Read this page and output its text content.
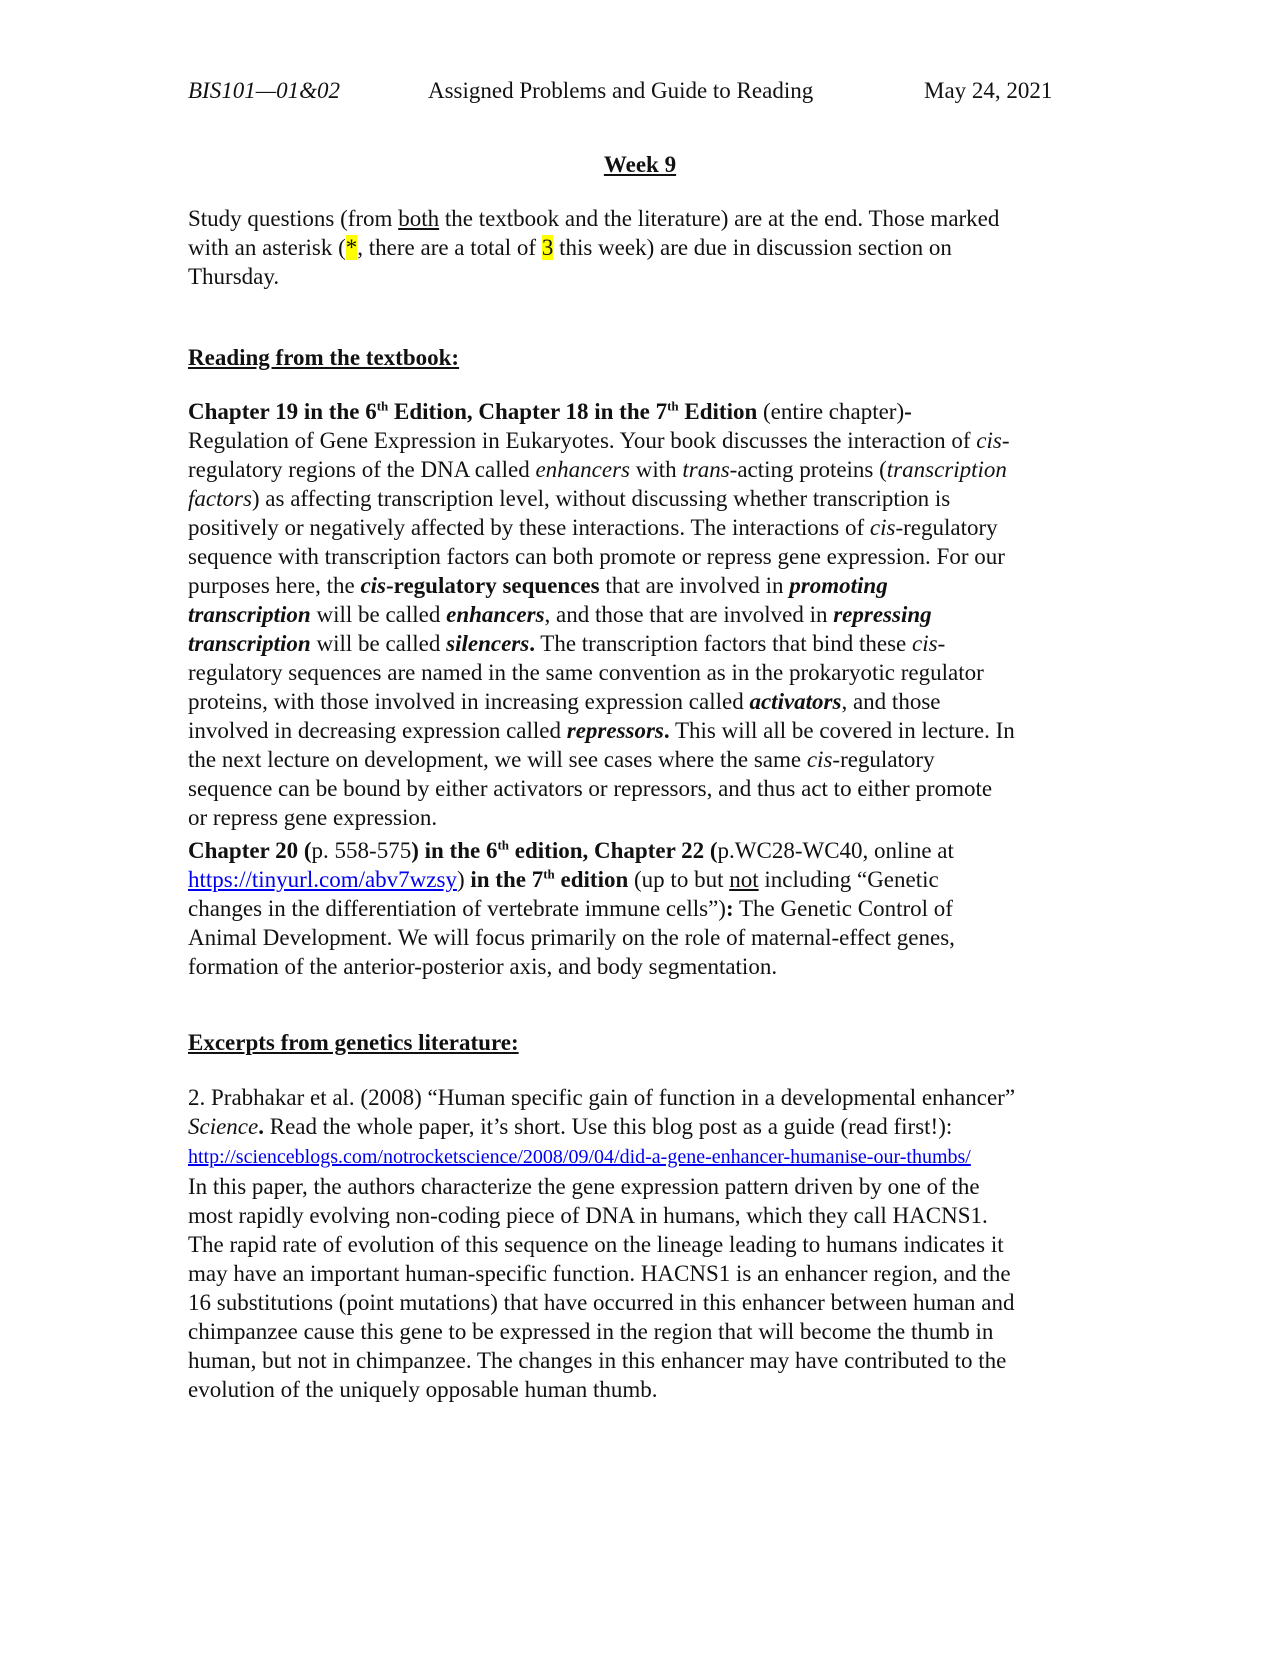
BIS101—01&02	Assigned Problems and Guide to Reading	May 24, 2021
Week 9
Study questions (from both the textbook and the literature) are at the end. Those marked
with an asterisk (*, there are a total of 3 this week) are due in discussion section on
Thursday.
Reading from the textbook:
Chapter 19 in the 6th Edition, Chapter 18 in the 7th Edition (entire chapter)-
Regulation of Gene Expression in Eukaryotes. Your book discusses the interaction of cis-
regulatory regions of the DNA called enhancers with trans-acting proteins (transcription
factors) as affecting transcription level, without discussing whether transcription is
positively or negatively affected by these interactions. The interactions of cis-regulatory
sequence with transcription factors can both promote or repress gene expression. For our
purposes here, the cis-regulatory sequences that are involved in promoting
transcription will be called enhancers, and those that are involved in repressing
transcription will be called silencers. The transcription factors that bind these cis-
regulatory sequences are named in the same convention as in the prokaryotic regulator
proteins, with those involved in increasing expression called activators, and those
involved in decreasing expression called repressors. This will all be covered in lecture. In
the next lecture on development, we will see cases where the same cis-regulatory
sequence can be bound by either activators or repressors, and thus act to either promote
or repress gene expression.
Chapter 20 (p. 558-575) in the 6th edition, Chapter 22 (p.WC28-WC40, online at
https://tinyurl.com/abv7wzsy) in the 7th edition (up to but not including “Genetic
changes in the differentiation of vertebrate immune cells”): The Genetic Control of
Animal Development. We will focus primarily on the role of maternal-effect genes,
formation of the anterior-posterior axis, and body segmentation.
Excerpts from genetics literature:
2. Prabhakar et al. (2008) “Human specific gain of function in a developmental enhancer”
Science. Read the whole paper, it’s short. Use this blog post as a guide (read first!):
http://scienceblogs.com/notrocketscience/2008/09/04/did-a-gene-enhancer-humanise-our-thumbs/
In this paper, the authors characterize the gene expression pattern driven by one of the
most rapidly evolving non-coding piece of DNA in humans, which they call HACNS1.
The rapid rate of evolution of this sequence on the lineage leading to humans indicates it
may have an important human-specific function. HACNS1 is an enhancer region, and the
16 substitutions (point mutations) that have occurred in this enhancer between human and
chimpanzee cause this gene to be expressed in the region that will become the thumb in
human, but not in chimpanzee. The changes in this enhancer may have contributed to the
evolution of the uniquely opposable human thumb.
